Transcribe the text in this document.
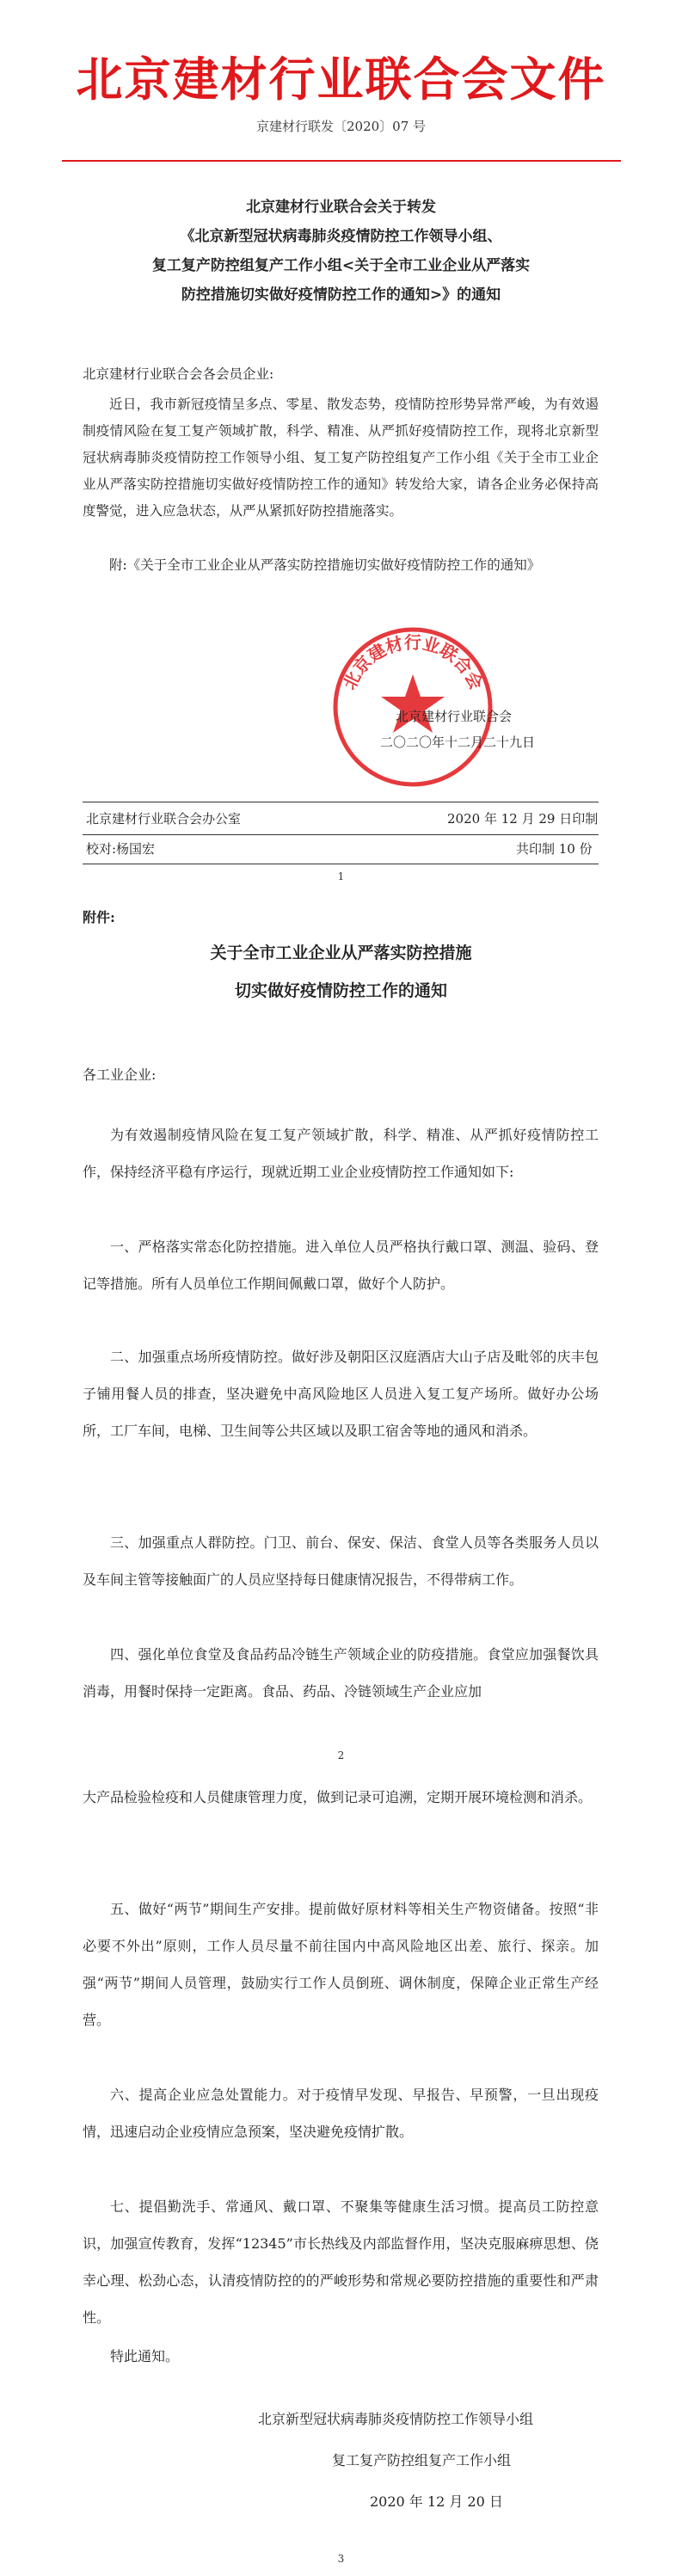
北京建材行业联合会文件
京建材行联发〔2020〕07 号
北京建材行业联合会关于转发
《北京新型冠状病毒肺炎疫情防控工作领导小组、
复工复产防控组复产工作小组<关于全市工业企业从严落实
防控措施切实做好疫情防控工作的通知>》的通知
北京建材行业联合会各会员企业:
近日，我市新冠疫情呈多点、零星、散发态势，疫情防控形势异常严峻，为有效遏制疫情风险在复工复产领域扩散，科学、精准、从严抓好疫情防控工作，现将北京新型冠状病毒肺炎疫情防控工作领导小组、复工复产防控组复产工作小组《关于全市工业企业从严落实防控措施切实做好疫情防控工作的通知》转发给大家，请各企业务必保持高度警觉，进入应急状态，从严从紧抓好防控措施落实。
附:《关于全市工业企业从严落实防控措施切实做好疫情防控工作的通知》
北京建材行业联合会
北京建材行业联合会
二〇二〇年十二月二十九日
北京建材行业联合会办公室	2020 年 12 月 29 日印制
校对:杨国宏	共印制 10 份
1
附件:
关于全市工业企业从严落实防控措施
切实做好疫情防控工作的通知
各工业企业:
为有效遏制疫情风险在复工复产领域扩散，科学、精准、从严抓好疫情防控工作，保持经济平稳有序运行，现就近期工业企业疫情防控工作通知如下:
一、严格落实常态化防控措施。进入单位人员严格执行戴口罩、测温、验码、登记等措施。所有人员单位工作期间佩戴口罩，做好个人防护。
二、加强重点场所疫情防控。做好涉及朝阳区汉庭酒店大山子店及毗邻的庆丰包子铺用餐人员的排查，坚决避免中高风险地区人员进入复工复产场所。做好办公场所，工厂车间，电梯、卫生间等公共区域以及职工宿舍等地的通风和消杀。
三、加强重点人群防控。门卫、前台、保安、保洁、食堂人员等各类服务人员以及车间主管等接触面广的人员应坚持每日健康情况报告，不得带病工作。
四、强化单位食堂及食品药品冷链生产领域企业的防疫措施。食堂应加强餐饮具消毒，用餐时保持一定距离。食品、药品、冷链领域生产企业应加
2
大产品检验检疫和人员健康管理力度，做到记录可追溯，定期开展环境检测和消杀。
五、做好“两节”期间生产安排。提前做好原材料等相关生产物资储备。按照“非必要不外出”原则，工作人员尽量不前往国内中高风险地区出差、旅行、探亲。加强“两节”期间人员管理，鼓励实行工作人员倒班、调休制度，保障企业正常生产经营。
六、提高企业应急处置能力。对于疫情早发现、早报告、早预警，一旦出现疫情，迅速启动企业疫情应急预案，坚决避免疫情扩散。
七、提倡勤洗手、常通风、戴口罩、不聚集等健康生活习惯。提高员工防控意识，加强宣传教育，发挥“12345”市长热线及内部监督作用，坚决克服麻痹思想、侥幸心理、松劲心态，认清疫情防控的的严峻形势和常规必要防控措施的重要性和严肃性。
特此通知。
北京新型冠状病毒肺炎疫情防控工作领导小组
复工复产防控组复产工作小组
2020 年 12 月 20 日
3
